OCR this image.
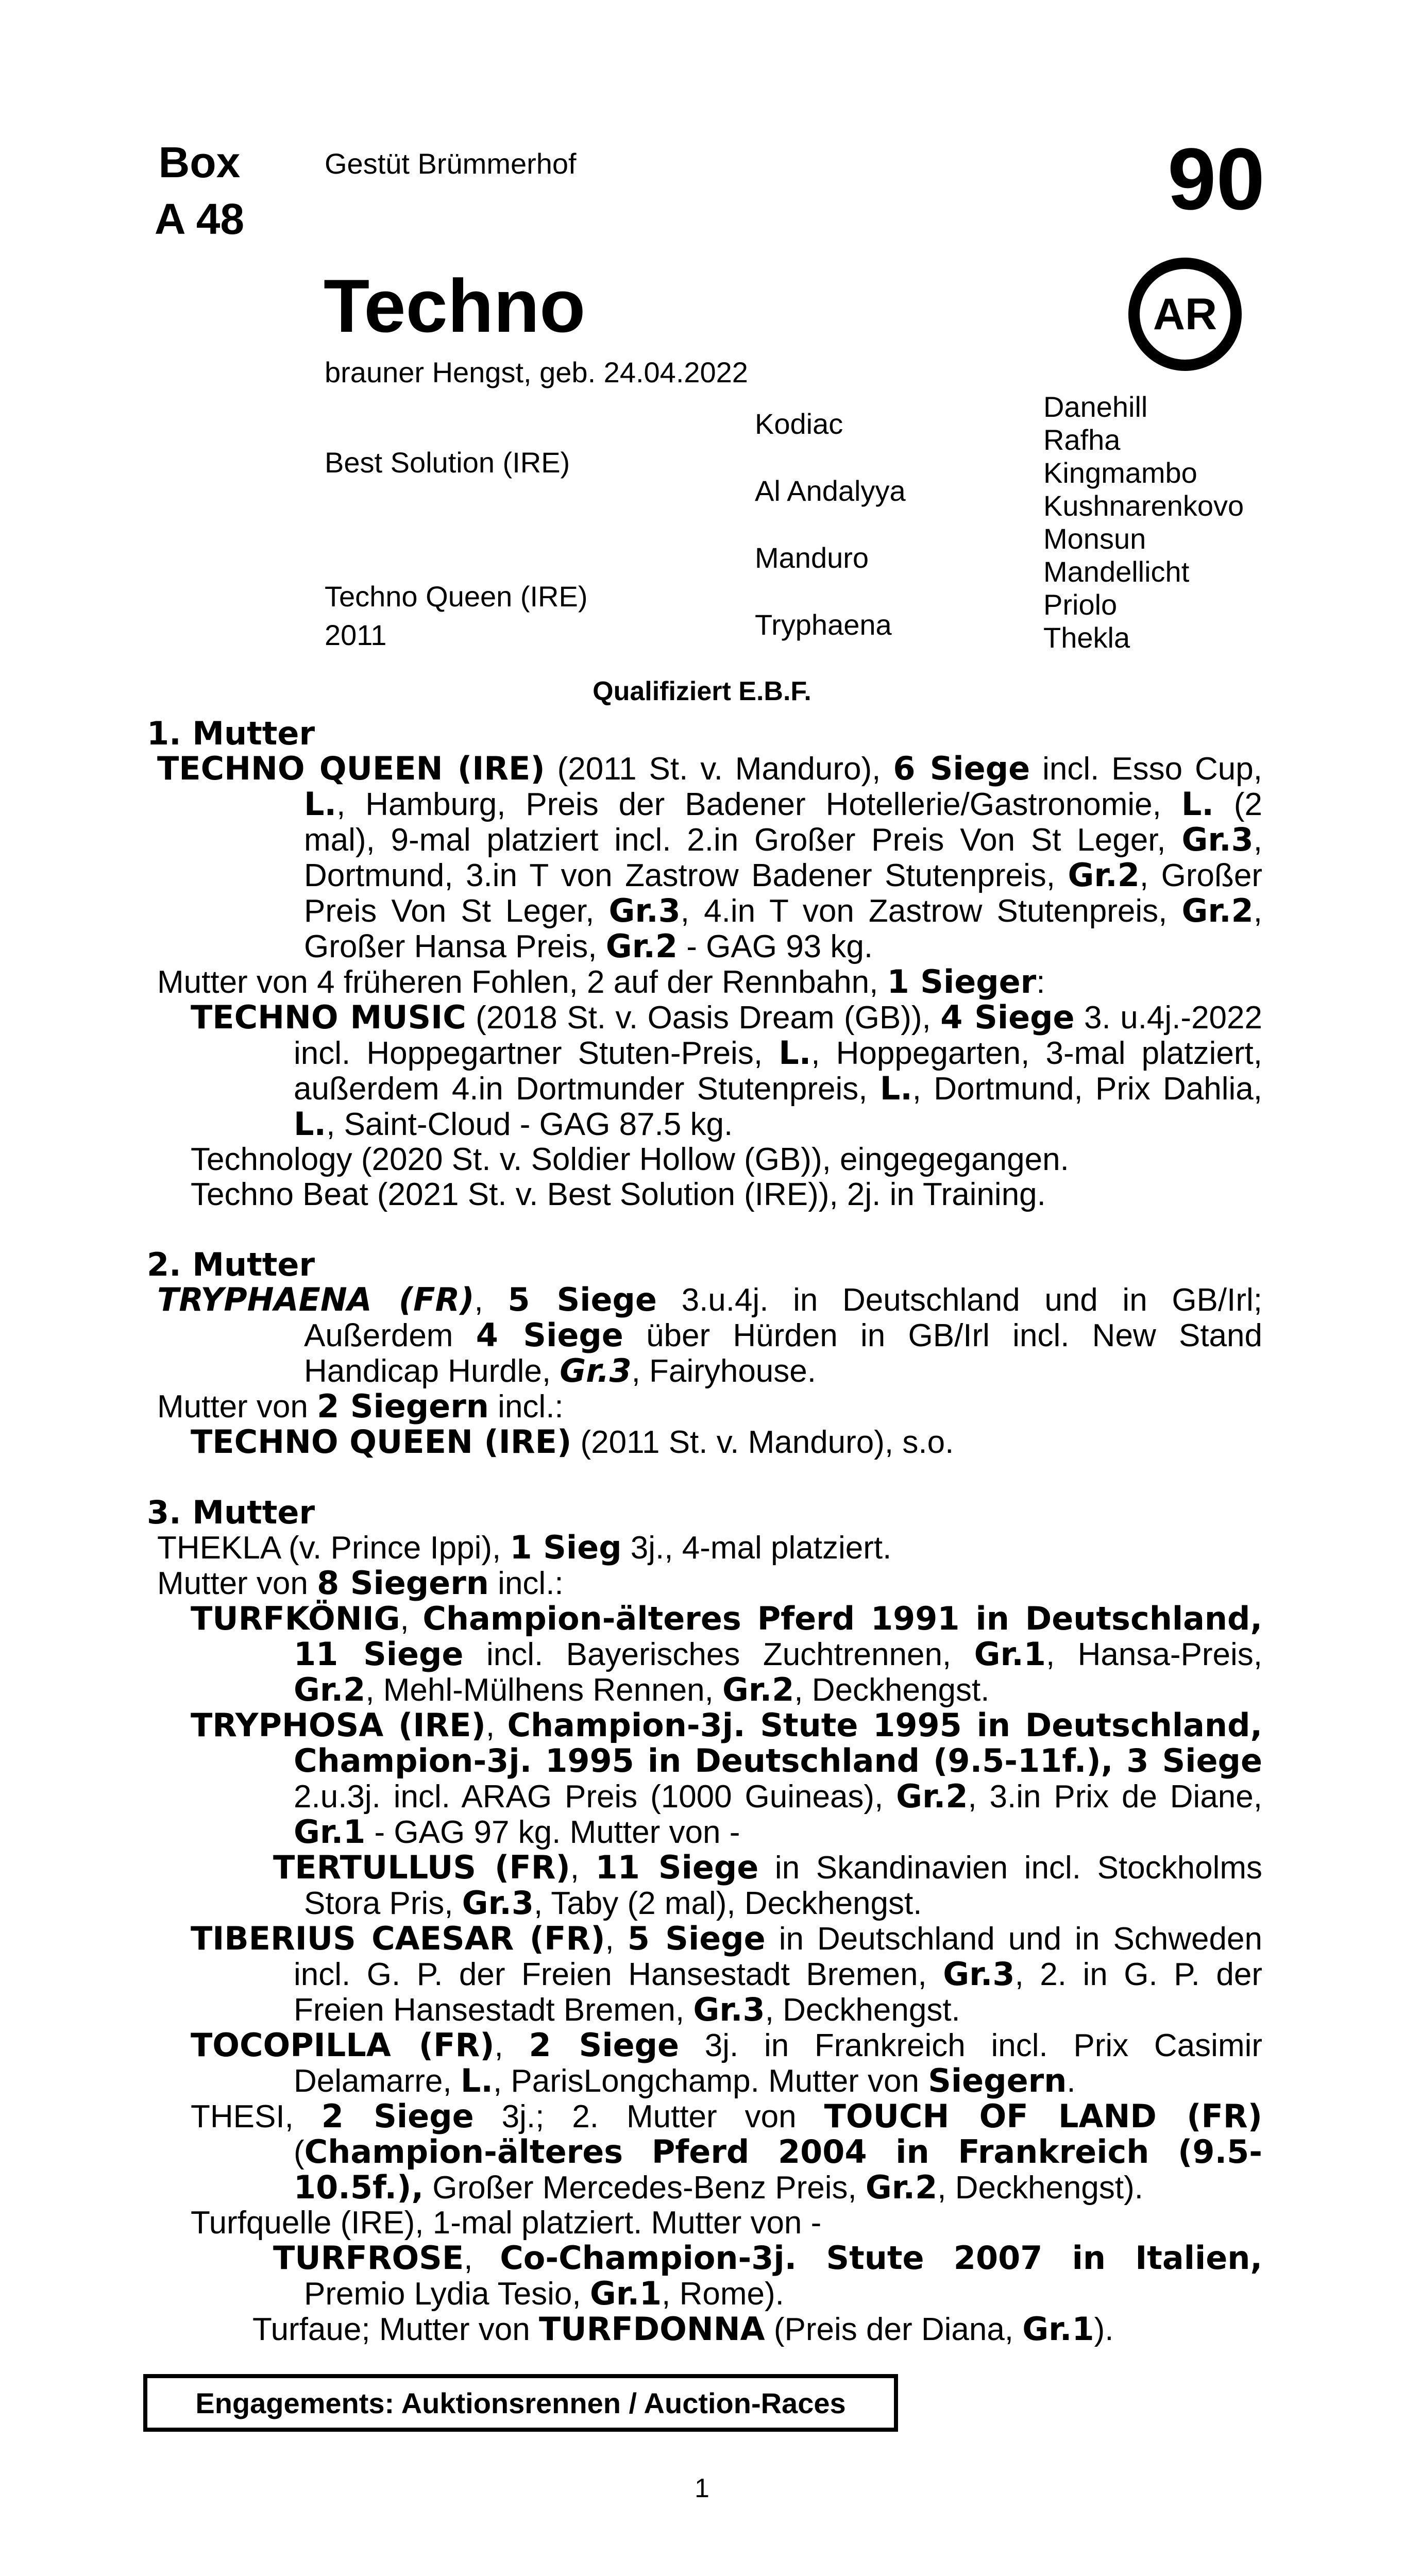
Box
A 48
Gestüt Brümmerhof	90
AR
Techno
brauner Hengst, geb. 24.04.2022
Best Solution (IRE)
Techno Queen (IRE)
2011
Kodiac
Al Andalyya
Manduro
Tryphaena
Danehill
Rafha
Kingmambo
Kushnarenkovo
Monsun
Mandellicht
Priolo
Thekla
Qualifiziert E.B.F.
1. Mutter
TECHNO QUEEN (IRE) (2011 St. v. Manduro), 6 Siege incl. Esso Cup, L., Hamburg, Preis der Badener Hotellerie/Gastronomie, L. (2 mal), 9-mal platziert incl. 2.in Großer Preis Von St Leger, Gr.3, Dortmund, 3.in T von Zastrow Badener Stutenpreis, Gr.2, Großer Preis Von St Leger, Gr.3, 4.in T von Zastrow Stutenpreis, Gr.2, Großer Hansa Preis, Gr.2 - GAG 93 kg.
Mutter von 4 früheren Fohlen, 2 auf der Rennbahn, 1 Sieger:
TECHNO MUSIC (2018 St. v. Oasis Dream (GB)), 4 Siege 3. u.4j.-2022 incl. Hoppegartner Stuten-Preis, L., Hoppegarten, 3-mal platziert, außerdem 4.in Dortmunder Stutenpreis, L., Dortmund, Prix Dahlia, L., Saint-Cloud - GAG 87.5 kg.
Technology (2020 St. v. Soldier Hollow (GB)), eingegegangen.
Techno Beat (2021 St. v. Best Solution (IRE)), 2j. in Training.
2. Mutter
TRYPHAENA (FR), 5 Siege 3.u.4j. in Deutschland und in GB/Irl; Außerdem 4 Siege über Hürden in GB/Irl incl. New Stand Handicap Hurdle, Gr.3, Fairyhouse.
Mutter von 2 Siegern incl.:
TECHNO QUEEN (IRE) (2011 St. v. Manduro), s.o.
3. Mutter
THEKLA (v. Prince Ippi), 1 Sieg 3j., 4-mal platziert.
Mutter von 8 Siegern incl.:
TURFKÖNIG, Champion-älteres Pferd 1991 in Deutschland, 11 Siege incl. Bayerisches Zuchtrennen, Gr.1, Hansa-Preis, Gr.2, Mehl-Mülhens Rennen, Gr.2, Deckhengst.
TRYPHOSA (IRE), Champion-3j. Stute 1995 in Deutschland, Champion-3j. 1995 in Deutschland (9.5-11f.), 3 Siege 2.u.3j. incl. ARAG Preis (1000 Guineas), Gr.2, 3.in Prix de Diane, Gr.1 - GAG 97 kg. Mutter von -
TERTULLUS (FR), 11 Siege in Skandinavien incl. Stockholms Stora Pris, Gr.3, Taby (2 mal), Deckhengst.
TIBERIUS CAESAR (FR), 5 Siege in Deutschland und in Schweden incl. G. P. der Freien Hansestadt Bremen, Gr.3, 2. in G. P. der Freien Hansestadt Bremen, Gr.3, Deckhengst.
TOCOPILLA (FR), 2 Siege 3j. in Frankreich incl. Prix Casimir Delamarre, L., ParisLongchamp. Mutter von Siegern.
THESI, 2 Siege 3j.; 2. Mutter von TOUCH OF LAND (FR) (Champion-älteres Pferd 2004 in Frankreich (9.5-10.5f.), Großer Mercedes-Benz Preis, Gr.2, Deckhengst).
Turfquelle (IRE), 1-mal platziert. Mutter von -
TURFROSE, Co-Champion-3j. Stute 2007 in Italien, Premio Lydia Tesio, Gr.1, Rome).
Turfaue; Mutter von TURFDONNA (Preis der Diana, Gr.1).
Engagements: Auktionsrennen / Auction-Races
1
